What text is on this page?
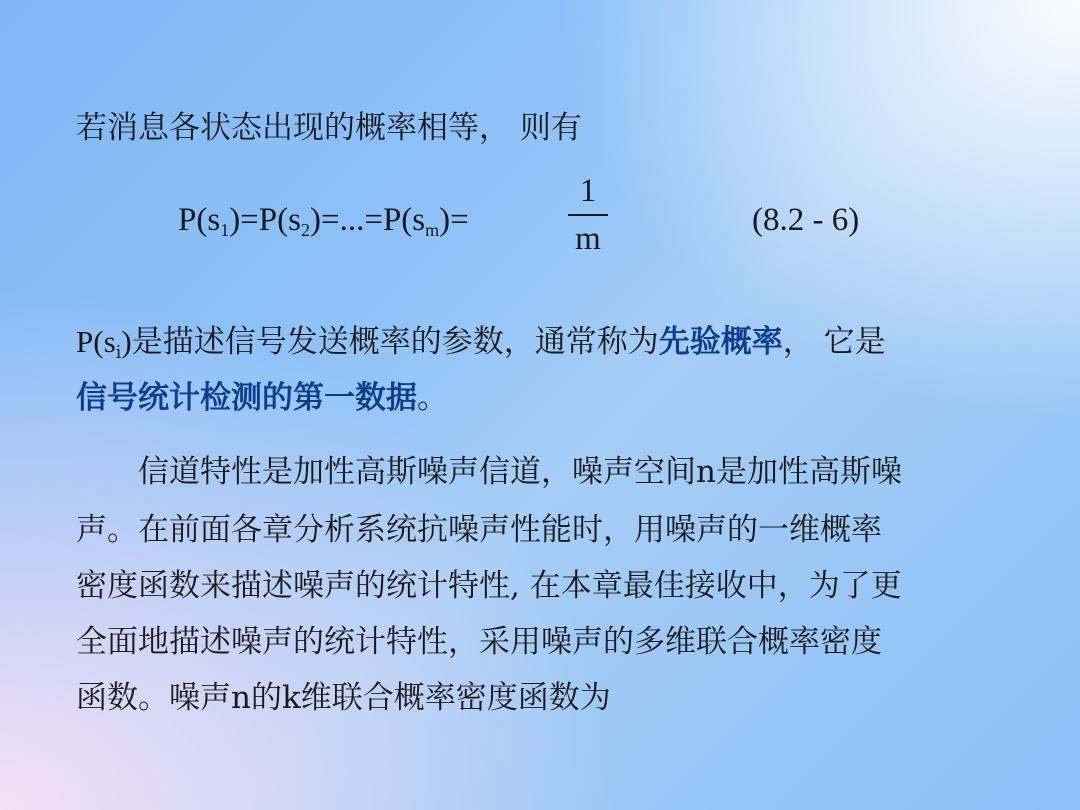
若消息各状态出现的概率相等， 则有
$P(s_1)=P(s_2)=...=P(s_m)=$
1
m
(8.2 - 6)
$P(s_i)$是描述信号发送概率的参数，通常称为先验概率， 它是
信号统计检测的第一数据。
信道特性是加性高斯噪声信道，噪声空间n是加性高斯噪
声。在前面各章分析系统抗噪声性能时，用噪声的一维概率
密度函数来描述噪声的统计特性, 在本章最佳接收中，为了更
全面地描述噪声的统计特性，采用噪声的多维联合概率密度
函数。噪声n的k维联合概率密度函数为
